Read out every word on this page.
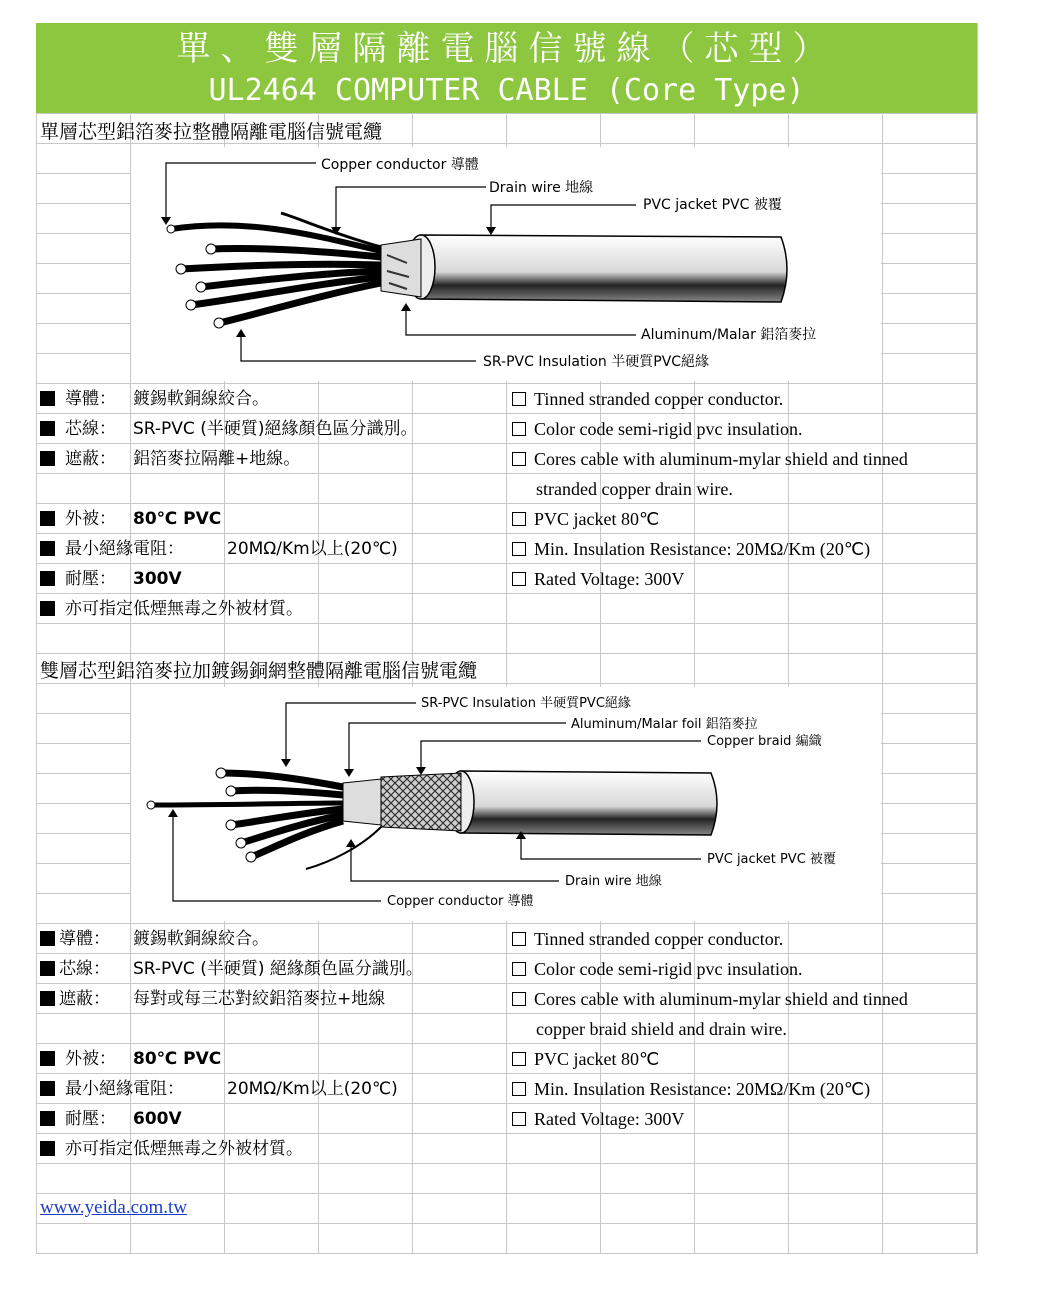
單、雙層隔離電腦信號線（芯型）
UL2464 COMPUTER CABLE (Core Type)
單層芯型鋁箔麥拉整體隔離電腦信號電纜
Copper conductor 導體
Drain wire 地線
PVC jacket PVC 被覆
Aluminum/Malar 鋁箔麥拉
SR-PVC Insulation 半硬質PVC絕緣
導體： 鍍錫軟銅線絞合。
芯線： SR-PVC (半硬質)絕緣顏色區分識別。
遮蔽： 鋁箔麥拉隔離+地線。
外被： 80℃ PVC
最小絕緣電阻：	20MΩ/Km以上(20℃)
耐壓： 300V
亦可指定低煙無毒之外被材質。
Tinned stranded copper conductor.
Color code semi-rigid pvc insulation.
Cores cable with aluminum-mylar shield and tinned
stranded copper drain wire.
PVC jacket 80℃
Min. Insulation Resistance: 20MΩ/Km (20℃)
Rated Voltage: 300V
雙層芯型鋁箔麥拉加鍍錫銅網整體隔離電腦信號電纜
SR-PVC Insulation 半硬質PVC絕緣
Aluminum/Malar foil 鋁箔麥拉
Copper braid 編織
PVC jacket PVC 被覆
Drain wire 地線
Copper conductor 導體
導體： 鍍錫軟銅線絞合。
芯線： SR-PVC (半硬質) 絕緣顏色區分識別。
遮蔽： 每對或每三芯對絞鋁箔麥拉+地線
外被： 80℃ PVC
最小絕緣電阻：	20MΩ/Km以上(20℃)
耐壓： 600V
亦可指定低煙無毒之外被材質。
Tinned stranded copper conductor.
Color code semi-rigid pvc insulation.
Cores cable with aluminum-mylar shield and tinned
copper braid shield and drain wire.
PVC jacket 80℃
Min. Insulation Resistance: 20MΩ/Km (20℃)
Rated Voltage: 300V
www.yeida.com.tw
